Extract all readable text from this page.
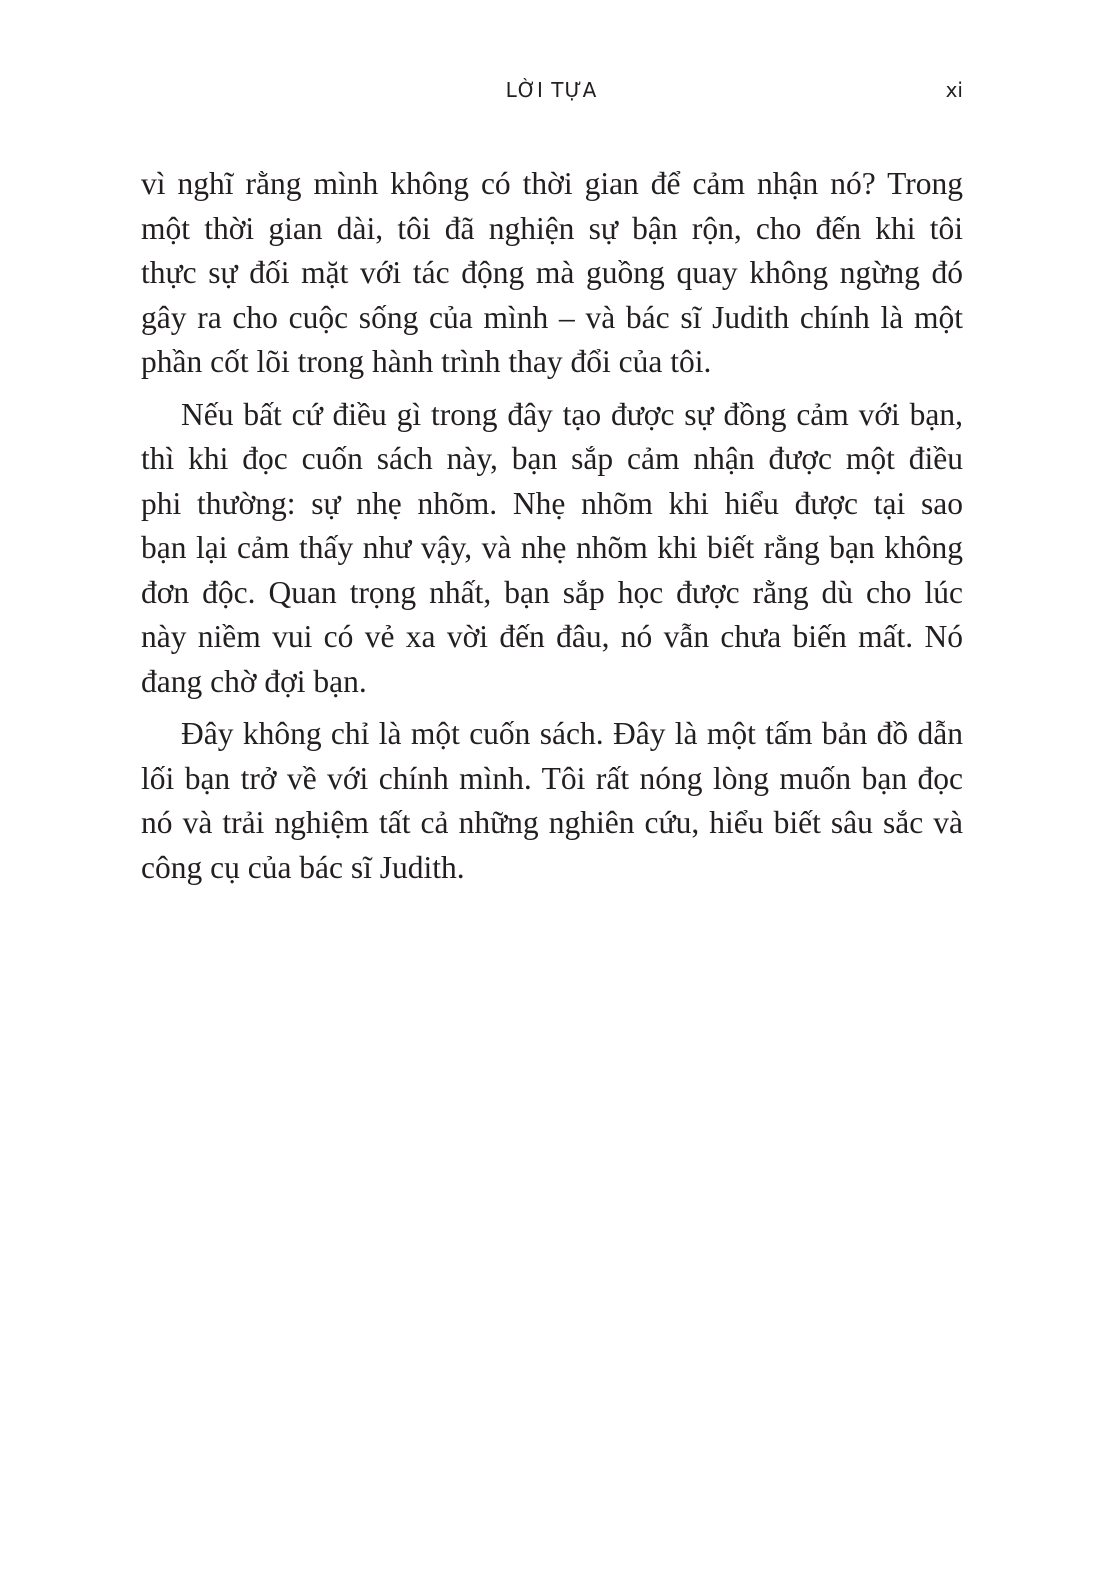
LỜI TỰA	xi
vì nghĩ rằng mình không có thời gian để cảm nhận nó? Trong
một thời gian dài, tôi đã nghiện sự bận rộn, cho đến khi tôi
thực sự đối mặt với tác động mà guồng quay không ngừng đó
gây ra cho cuộc sống của mình – và bác sĩ Judith chính là một
phần cốt lõi trong hành trình thay đổi của tôi.
Nếu bất cứ điều gì trong đây tạo được sự đồng cảm với bạn,
thì khi đọc cuốn sách này, bạn sắp cảm nhận được một điều
phi thường: sự nhẹ nhõm. Nhẹ nhõm khi hiểu được tại sao
bạn lại cảm thấy như vậy, và nhẹ nhõm khi biết rằng bạn không
đơn độc. Quan trọng nhất, bạn sắp học được rằng dù cho lúc
này niềm vui có vẻ xa vời đến đâu, nó vẫn chưa biến mất. Nó
đang chờ đợi bạn.
Đây không chỉ là một cuốn sách. Đây là một tấm bản đồ dẫn
lối bạn trở về với chính mình. Tôi rất nóng lòng muốn bạn đọc
nó và trải nghiệm tất cả những nghiên cứu, hiểu biết sâu sắc và
công cụ của bác sĩ Judith.
